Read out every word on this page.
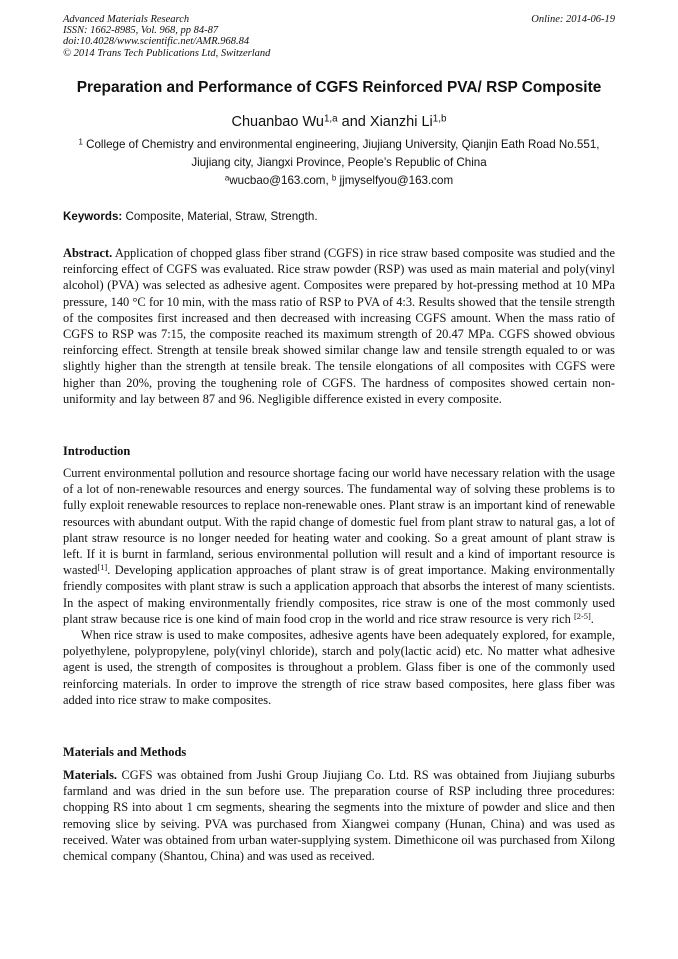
Advanced Materials Research
ISSN: 1662-8985, Vol. 968, pp 84-87
doi:10.4028/www.scientific.net/AMR.968.84
© 2014 Trans Tech Publications Ltd, Switzerland
Online: 2014-06-19
Preparation and Performance of CGFS Reinforced PVA/ RSP Composite
Chuanbao Wu$^{1,a}$ and Xianzhi Li$^{1,b}$
$^1$ College of Chemistry and environmental engineering, Jiujiang University, Qianjin Eath Road No.551, Jiujiang city, Jiangxi Province, People’s Republic of China
$^a$wucbao@163.com, $^b$ jjmyselfyou@163.com
Keywords: Composite, Material, Straw, Strength.

Abstract. Application of chopped glass fiber strand (CGFS) in rice straw based composite was studied and the reinforcing effect of CGFS was evaluated. Rice straw powder (RSP) was used as main material and poly(vinyl alcohol) (PVA) was selected as adhesive agent. Composites were prepared by hot-pressing method at 10 MPa pressure, 140 °C for 10 min, with the mass ratio of RSP to PVA of 4:3. Results showed that the tensile strength of the composites first increased and then decreased with increasing CGFS amount. When the mass ratio of CGFS to RSP was 7:15, the composite reached its maximum strength of 20.47 MPa. CGFS showed obvious reinforcing effect. Strength at tensile break showed similar change law and tensile strength equaled to or was slightly higher than the strength at tensile break. The tensile elongations of all composites with CGFS were higher than 20%, proving the toughening role of CGFS. The hardness of composites showed certain non-uniformity and lay between 87 and 96. Negligible difference existed in every composite.

Introduction

Current environmental pollution and resource shortage facing our world have necessary relation with the usage of a lot of non-renewable resources and energy sources. The fundamental way of solving these problems is to fully exploit renewable resources to replace non-renewable ones. Plant straw is an important kind of renewable resources with abundant output. With the rapid change of domestic fuel from plant straw to natural gas, a lot of plant straw resource is no longer needed for heating water and cooking. So a great amount of plant straw is left. If it is burnt in farmland, serious environmental pollution will result and a kind of important resource is wasted[1]. Developing application approaches of plant straw is of great importance. Making environmentally friendly composites with plant straw is such a application approach that absorbs the interest of many scientists. In the aspect of making environmentally friendly composites, rice straw is one of the most commonly used plant straw because rice is one kind of main food crop in the world and rice straw resource is very rich [2-5].

When rice straw is used to make composites, adhesive agents have been adequately explored, for example, polyethylene, polypropylene, poly(vinyl chloride), starch and poly(lactic acid) etc. No matter what adhesive agent is used, the strength of composites is throughout a problem. Glass fiber is one of the commonly used reinforcing materials. In order to improve the strength of rice straw based composites, here glass fiber was added into rice straw to make composites.

Materials and Methods

Materials. CGFS was obtained from Jushi Group Jiujiang Co. Ltd. RS was obtained from Jiujiang suburbs farmland and was dried in the sun before use. The preparation course of RSP including three procedures: chopping RS into about 1 cm segments, shearing the segments into the mixture of powder and slice and then removing slice by seiving. PVA was purchased from Xiangwei company (Hunan, China) and was used as received. Water was obtained from urban water-supplying system. Dimethicone oil was purchased from Xilong chemical company (Shantou, China) and was used as received.
